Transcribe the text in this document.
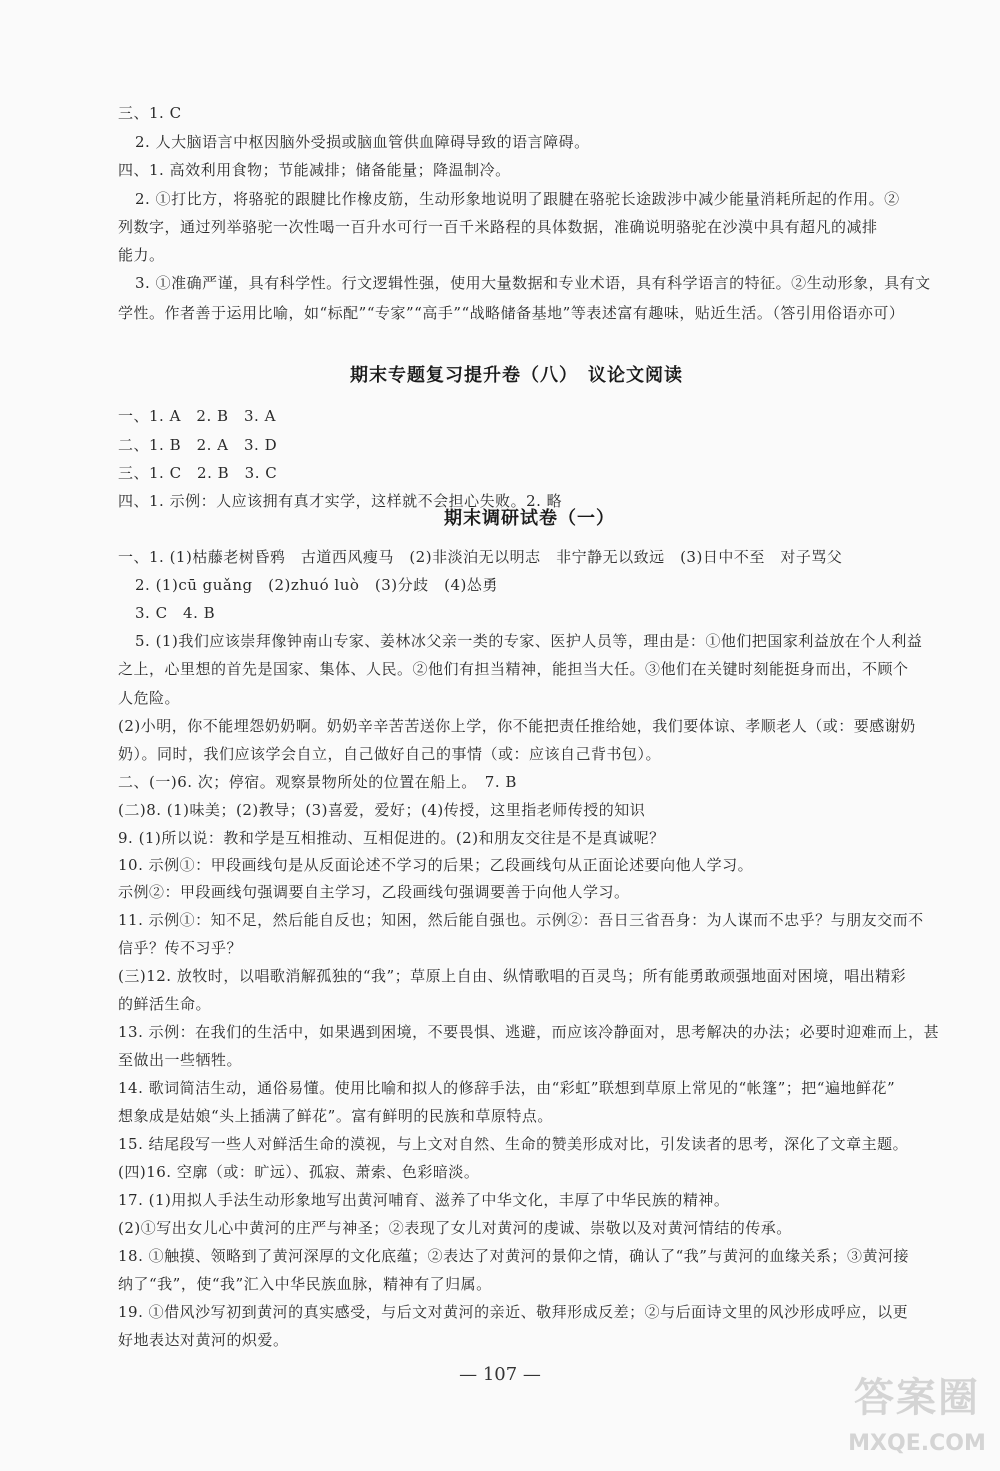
三、1. C
2. 人大脑语言中枢因脑外受损或脑血管供血障碍导致的语言障碍。
四、1. 高效利用食物；节能减排；储备能量；降温制冷。
2. ①打比方，将骆驼的跟腱比作橡皮筋，生动形象地说明了跟腱在骆驼长途跋涉中减少能量消耗所起的作用。②
列数字，通过列举骆驼一次性喝一百升水可行一百千米路程的具体数据，准确说明骆驼在沙漠中具有超凡的减排
能力。
3. ①准确严谨，具有科学性。行文逻辑性强，使用大量数据和专业术语，具有科学语言的特征。②生动形象，具有文
学性。作者善于运用比喻，如“标配”“专家”“高手”“战略储备基地”等表述富有趣味，贴近生活。（答引用俗语亦可）
期末专题复习提升卷（八）　议论文阅读
一、1. A　2. B　3. A
二、1. B　2. A　3. D
三、1. C　2. B　3. C
四、1. 示例：人应该拥有真才实学，这样就不会担心失败。2. 略
期末调研试卷（一）
一、1. (1)枯藤老树昏鸦　古道西风瘦马　(2)非淡泊无以明志　非宁静无以致远　(3)日中不至　对子骂父
2. (1)cū guǎng　(2)zhuó luò　(3)分歧　(4)怂勇
3. C　4. B
5. (1)我们应该崇拜像钟南山专家、姜林冰父亲一类的专家、医护人员等，理由是：①他们把国家利益放在个人利益
之上，心里想的首先是国家、集体、人民。②他们有担当精神，能担当大任。③他们在关键时刻能挺身而出，不顾个
人危险。
(2)小明，你不能埋怨奶奶啊。奶奶辛辛苦苦送你上学，你不能把责任推给她，我们要体谅、孝顺老人（或：要感谢奶
奶）。同时，我们应该学会自立，自己做好自己的事情（或：应该自己背书包）。
二、(一)6. 次；停宿。观察景物所处的位置在船上。　7. B
(二)8. (1)味美；(2)教导；(3)喜爱，爱好；(4)传授，这里指老师传授的知识
9. (1)所以说：教和学是互相推动、互相促进的。(2)和朋友交往是不是真诚呢？
10. 示例①：甲段画线句是从反面论述不学习的后果；乙段画线句从正面论述要向他人学习。
示例②：甲段画线句强调要自主学习，乙段画线句强调要善于向他人学习。
11. 示例①：知不足，然后能自反也；知困，然后能自强也。示例②：吾日三省吾身：为人谋而不忠乎？与朋友交而不
信乎？传不习乎？
(三)12. 放牧时，以唱歌消解孤独的“我”；草原上自由、纵情歌唱的百灵鸟；所有能勇敢顽强地面对困境，唱出精彩
的鲜活生命。
13. 示例：在我们的生活中，如果遇到困境，不要畏惧、逃避，而应该冷静面对，思考解决的办法；必要时迎难而上，甚
至做出一些牺牲。
14. 歌词简洁生动，通俗易懂。使用比喻和拟人的修辞手法，由“彩虹”联想到草原上常见的“帐篷”；把“遍地鲜花”
想象成是姑娘“头上插满了鲜花”。富有鲜明的民族和草原特点。
15. 结尾段写一些人对鲜活生命的漠视，与上文对自然、生命的赞美形成对比，引发读者的思考，深化了文章主题。
(四)16. 空廓（或：旷远）、孤寂、萧索、色彩暗淡。
17. (1)用拟人手法生动形象地写出黄河哺育、滋养了中华文化，丰厚了中华民族的精神。
(2)①写出女儿心中黄河的庄严与神圣；②表现了女儿对黄河的虔诚、崇敬以及对黄河情结的传承。
18. ①触摸、领略到了黄河深厚的文化底蕴；②表达了对黄河的景仰之情，确认了“我”与黄河的血缘关系；③黄河接
纳了“我”，使“我”汇入中华民族血脉，精神有了归属。
19. ①借风沙写初到黄河的真实感受，与后文对黄河的亲近、敬拜形成反差；②与后面诗文里的风沙形成呼应，以更
好地表达对黄河的炽爱。
— 107 —
答案圈
MXQE.COM
